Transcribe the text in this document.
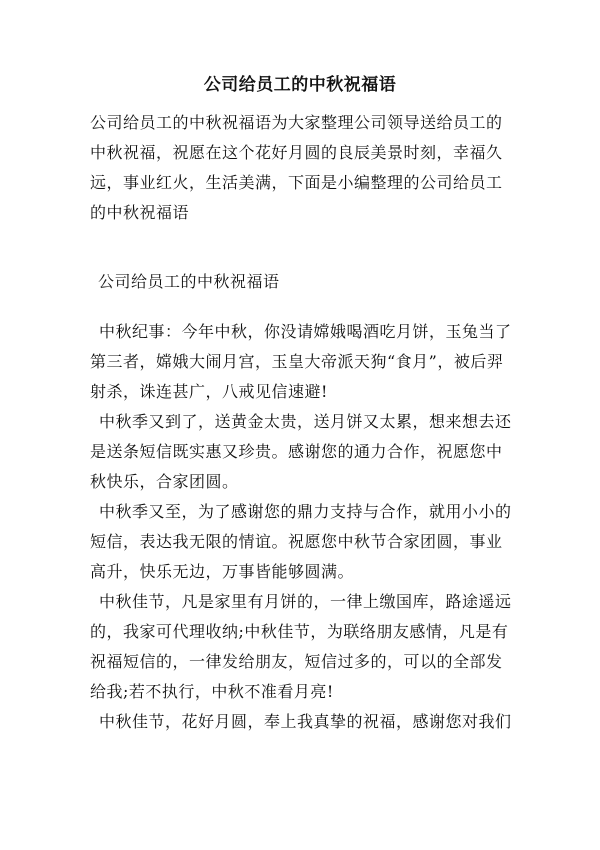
公司给员工的中秋祝福语
公司给员工的中秋祝福语为大家整理公司领导送给员工的中秋祝福，祝愿在这个花好月圆的良辰美景时刻，幸福久远，事业红火，生活美满，下面是小编整理的公司给员工的中秋祝福语
公司给员工的中秋祝福语

中秋纪事：今年中秋，你没请嫦娥喝酒吃月饼，玉兔当了第三者，嫦娥大闹月宫，玉皇大帝派天狗“食月”，被后羿射杀，诛连甚广，八戒见信速避!

中秋季又到了，送黄金太贵，送月饼又太累，想来想去还是送条短信既实惠又珍贵。感谢您的通力合作，祝愿您中秋快乐，合家团圆。

中秋季又至，为了感谢您的鼎力支持与合作，就用小小的短信，表达我无限的情谊。祝愿您中秋节合家团圆，事业高升，快乐无边，万事皆能够圆满。

中秋佳节，凡是家里有月饼的，一律上缴国库，路途遥远的，我家可代理收纳;中秋佳节，为联络朋友感情，凡是有祝福短信的，一律发给朋友，短信过多的，可以的全部发给我;若不执行，中秋不准看月亮!

中秋佳节，花好月圆，奉上我真挚的祝福，感谢您对我们
